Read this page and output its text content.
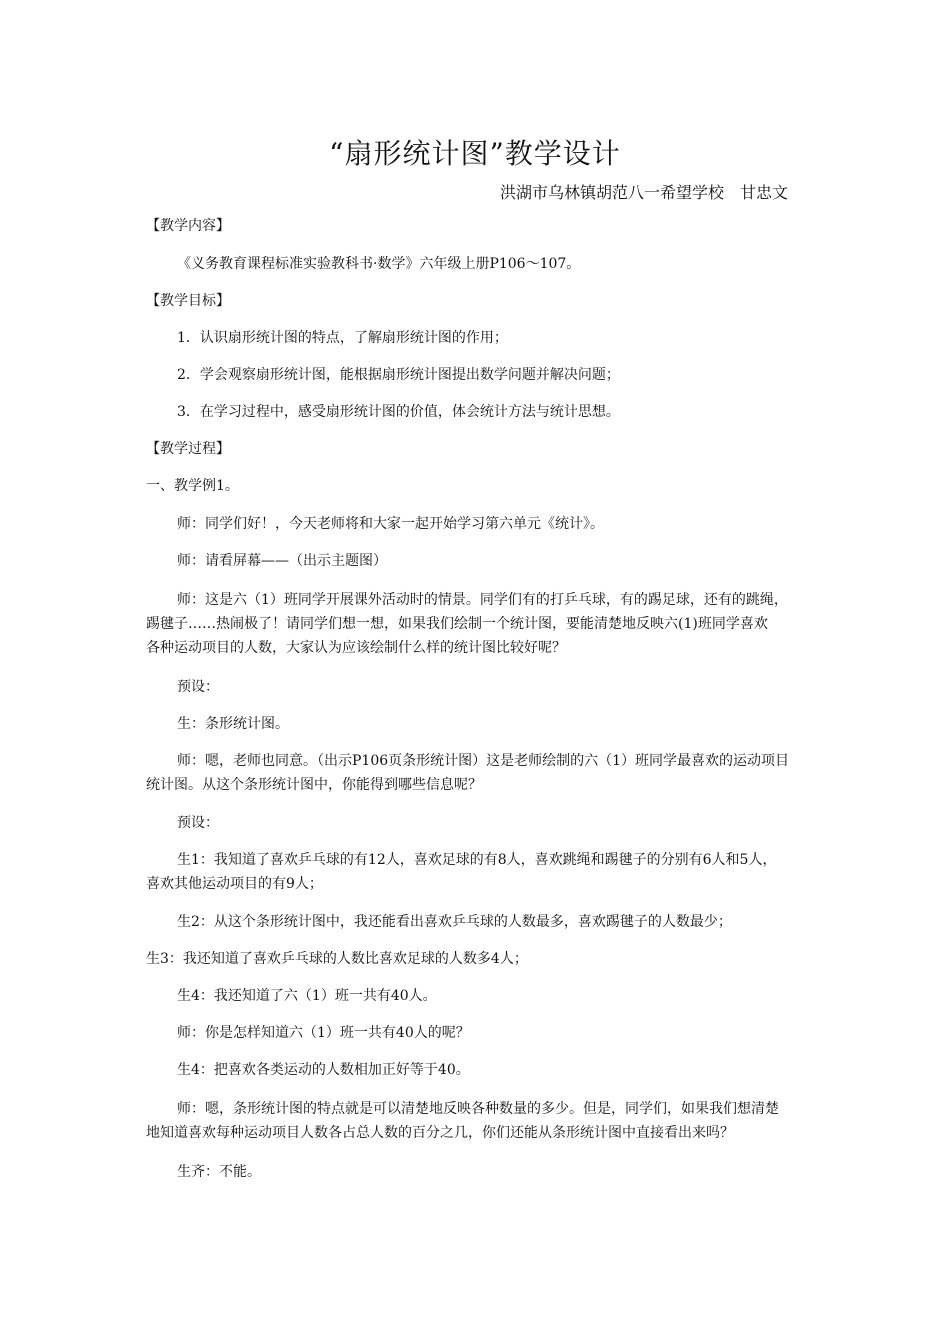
“扇形统计图”教学设计
洪湖市乌林镇胡范八一希望学校　甘忠文
【教学内容】
《义务教育课程标准实验教科书·数学》六年级上册P106～107。
【教学目标】
1．认识扇形统计图的特点，了解扇形统计图的作用；
2．学会观察扇形统计图，能根据扇形统计图提出数学问题并解决问题；
3．在学习过程中，感受扇形统计图的价值，体会统计方法与统计思想。
【教学过程】
一、教学例1。
师：同学们好！，今天老师将和大家一起开始学习第六单元《统计》。
师：请看屏幕——（出示主题图）
师：这是六（1）班同学开展课外活动时的情景。同学们有的打乒乓球，有的踢足球，还有的跳绳，
踢毽子……热闹极了！请同学们想一想，如果我们绘制一个统计图，要能清楚地反映六(1)班同学喜欢
各种运动项目的人数，大家认为应该绘制什么样的统计图比较好呢？
预设：
生：条形统计图。
师：嗯，老师也同意。（出示P106页条形统计图）这是老师绘制的六（1）班同学最喜欢的运动项目
统计图。从这个条形统计图中，你能得到哪些信息呢？
预设：
生1：我知道了喜欢乒乓球的有12人，喜欢足球的有8人，喜欢跳绳和踢毽子的分别有6人和5人，
喜欢其他运动项目的有9人；
生2：从这个条形统计图中，我还能看出喜欢乒乓球的人数最多，喜欢踢毽子的人数最少；
生3：我还知道了喜欢乒乓球的人数比喜欢足球的人数多4人；
生4：我还知道了六（1）班一共有40人。
师：你是怎样知道六（1）班一共有40人的呢？
生4：把喜欢各类运动的人数相加正好等于40。
师：嗯，条形统计图的特点就是可以清楚地反映各种数量的多少。但是，同学们，如果我们想清楚
地知道喜欢每种运动项目人数各占总人数的百分之几，你们还能从条形统计图中直接看出来吗？
生齐：不能。
